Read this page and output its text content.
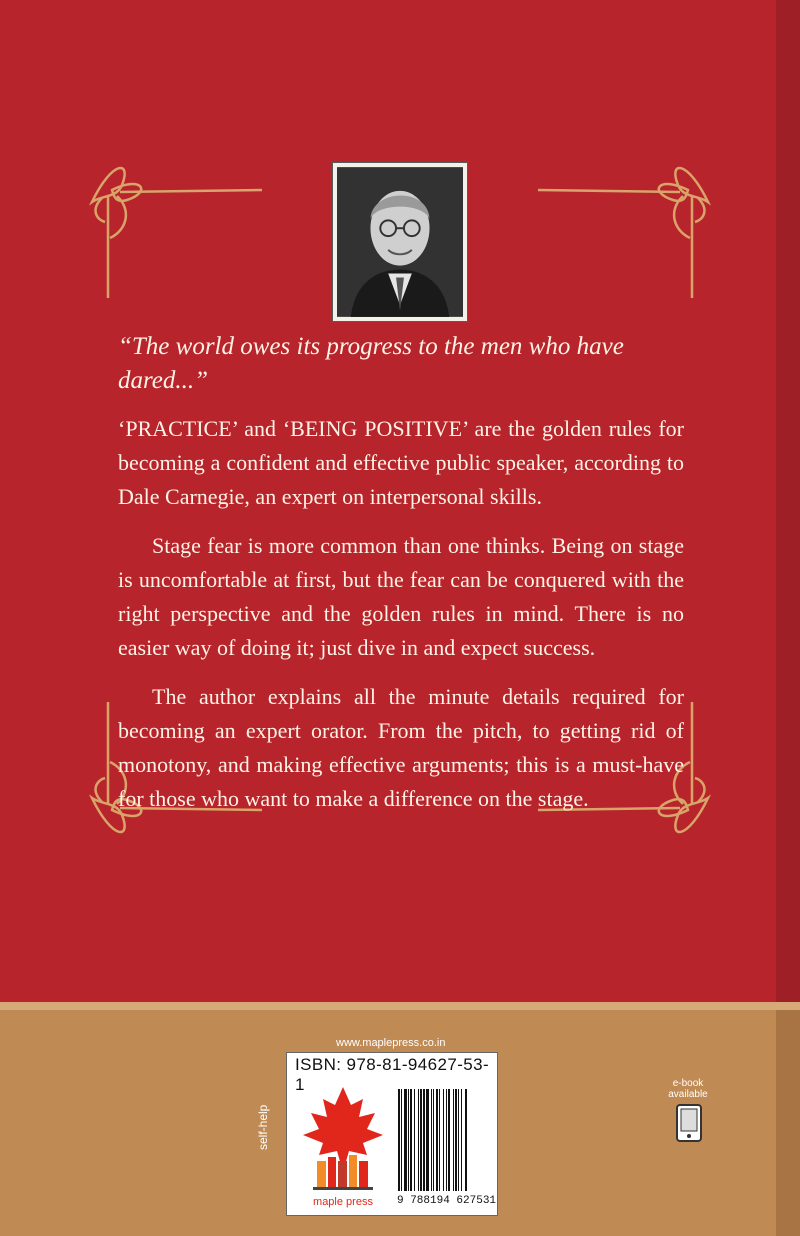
“The world owes its progress to the men who have dared...”

‘PRACTICE’ and ‘BEING POSITIVE’ are the golden rules for becoming a confident and effective public speaker, according to Dale Carnegie, an expert on interpersonal skills.

Stage fear is more common than one thinks. Being on stage is uncomfortable at first, but the fear can be conquered with the right perspective and the golden rules in mind. There is no easier way of doing it; just dive in and expect success.

The author explains all the minute details required for becoming an expert orator. From the pitch, to getting rid of monotony, and making effective arguments; this is a must-have for those who want to make a difference on the stage.

www.maplepress.co.in
self-help
ISBN: 978-81-94627-53-1
maple press 9 788194 627531
e-book
available
